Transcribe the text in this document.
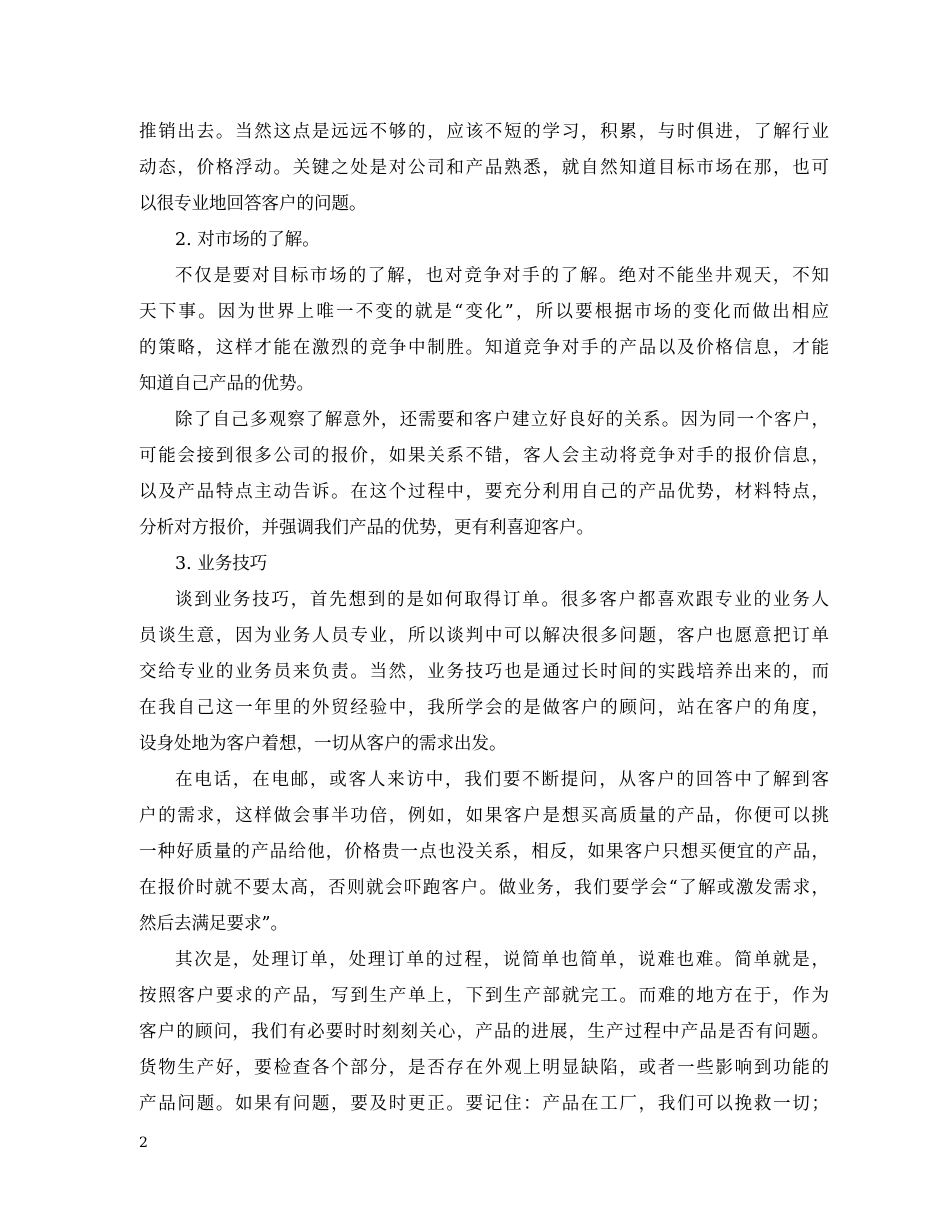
推销出去。当然这点是远远不够的，应该不短的学习，积累，与时俱进，了解行业
动态，价格浮动。关键之处是对公司和产品熟悉，就自然知道目标市场在那，也可
以很专业地回答客户的问题。
2. 对市场的了解。
不仅是要对目标市场的了解，也对竞争对手的了解。绝对不能坐井观天，不知
天下事。因为世界上唯一不变的就是“变化”，所以要根据市场的变化而做出相应
的策略，这样才能在激烈的竞争中制胜。知道竞争对手的产品以及价格信息，才能
知道自己产品的优势。
除了自己多观察了解意外，还需要和客户建立好良好的关系。因为同一个客户，
可能会接到很多公司的报价，如果关系不错，客人会主动将竞争对手的报价信息，
以及产品特点主动告诉。在这个过程中，要充分利用自己的产品优势，材料特点，
分析对方报价，并强调我们产品的优势，更有利喜迎客户。
3. 业务技巧
谈到业务技巧，首先想到的是如何取得订单。很多客户都喜欢跟专业的业务人
员谈生意，因为业务人员专业，所以谈判中可以解决很多问题，客户也愿意把订单
交给专业的业务员来负责。当然，业务技巧也是通过长时间的实践培养出来的，而
在我自己这一年里的外贸经验中，我所学会的是做客户的顾问，站在客户的角度，
设身处地为客户着想，一切从客户的需求出发。
在电话，在电邮，或客人来访中，我们要不断提问，从客户的回答中了解到客
户的需求，这样做会事半功倍，例如，如果客户是想买高质量的产品，你便可以挑
一种好质量的产品给他，价格贵一点也没关系，相反，如果客户只想买便宜的产品，
在报价时就不要太高，否则就会吓跑客户。做业务，我们要学会“了解或激发需求，
然后去满足要求”。
其次是，处理订单，处理订单的过程，说简单也简单，说难也难。简单就是，
按照客户要求的产品，写到生产单上，下到生产部就完工。而难的地方在于，作为
客户的顾问，我们有必要时时刻刻关心，产品的进展，生产过程中产品是否有问题。
货物生产好，要检查各个部分，是否存在外观上明显缺陷，或者一些影响到功能的
产品问题。如果有问题，要及时更正。要记住：产品在工厂，我们可以挽救一切；
2
